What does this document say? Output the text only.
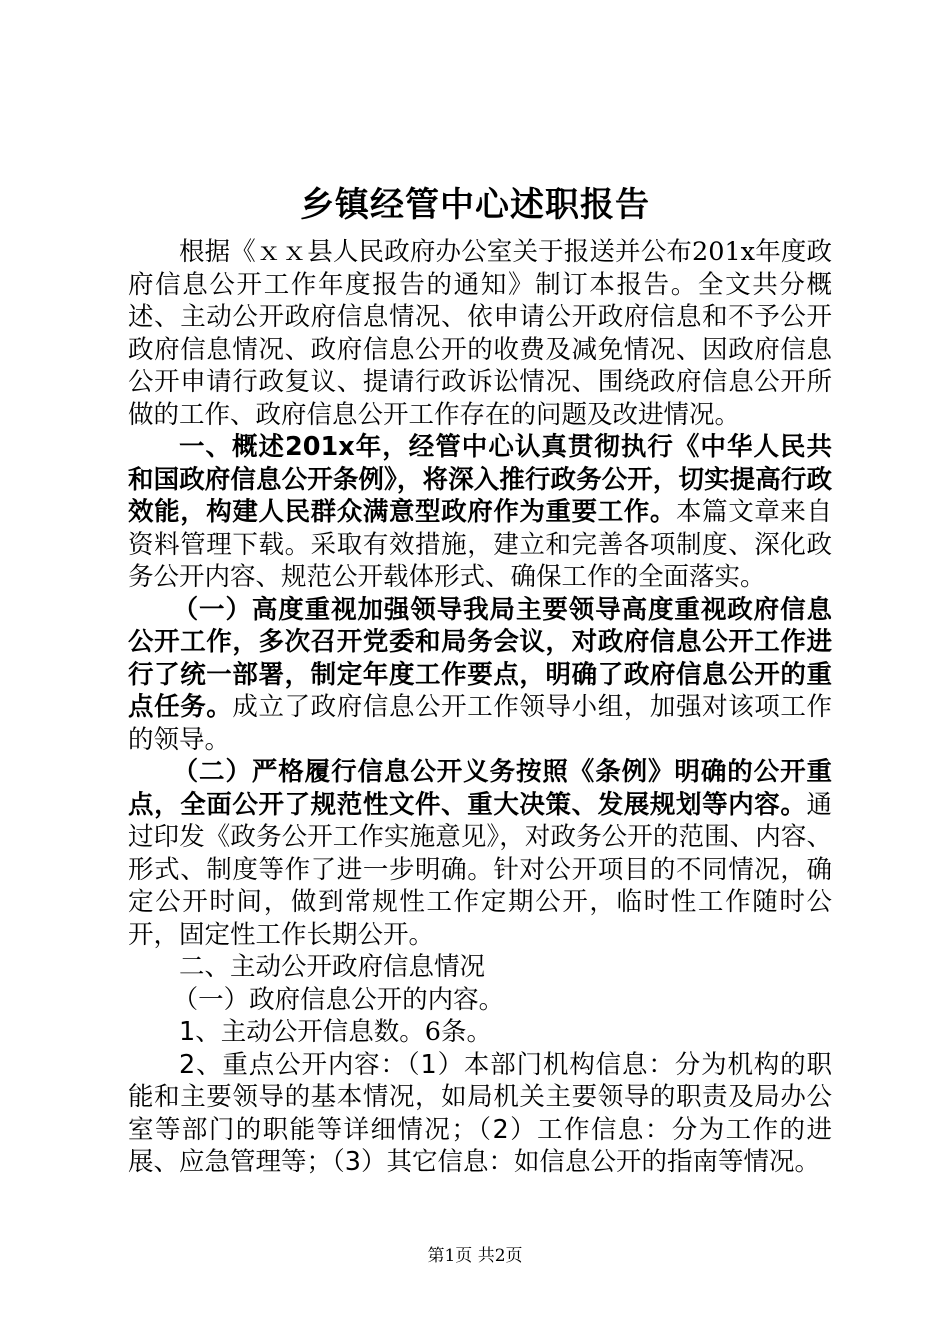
乡镇经管中心述职报告

根据《ｘｘ县人民政府办公室关于报送并公布201x年度政府信息公开工作年度报告的通知》制订本报告。全文共分概述、主动公开政府信息情况、依申请公开政府信息和不予公开政府信息情况、政府信息公开的收费及减免情况、因政府信息公开申请行政复议、提请行政诉讼情况、围绕政府信息公开所做的工作、政府信息公开工作存在的问题及改进情况。

一、概述201x年，经管中心认真贯彻执行《中华人民共和国政府信息公开条例》，将深入推行政务公开，切实提高行政效能，构建人民群众满意型政府作为重要工作。本篇文章来自资料管理下载。采取有效措施，建立和完善各项制度、深化政务公开内容、规范公开载体形式、确保工作的全面落实。

（一）高度重视加强领导我局主要领导高度重视政府信息公开工作，多次召开党委和局务会议，对政府信息公开工作进行了统一部署，制定年度工作要点，明确了政府信息公开的重点任务。成立了政府信息公开工作领导小组，加强对该项工作的领导。

（二）严格履行信息公开义务按照《条例》明确的公开重点，全面公开了规范性文件、重大决策、发展规划等内容。通过印发《政务公开工作实施意见》，对政务公开的范围、内容、形式、制度等作了进一步明确。针对公开项目的不同情况，确定公开时间，做到常规性工作定期公开，临时性工作随时公开，固定性工作长期公开。

二、主动公开政府信息情况

（一）政府信息公开的内容。

1、主动公开信息数。6条。

2、重点公开内容：（1）本部门机构信息：分为机构的职能和主要领导的基本情况，如局机关主要领导的职责及局办公室等部门的职能等详细情况；（2）工作信息：分为工作的进展、应急管理等；（3）其它信息：如信息公开的指南等情况。

第1页 共2页
